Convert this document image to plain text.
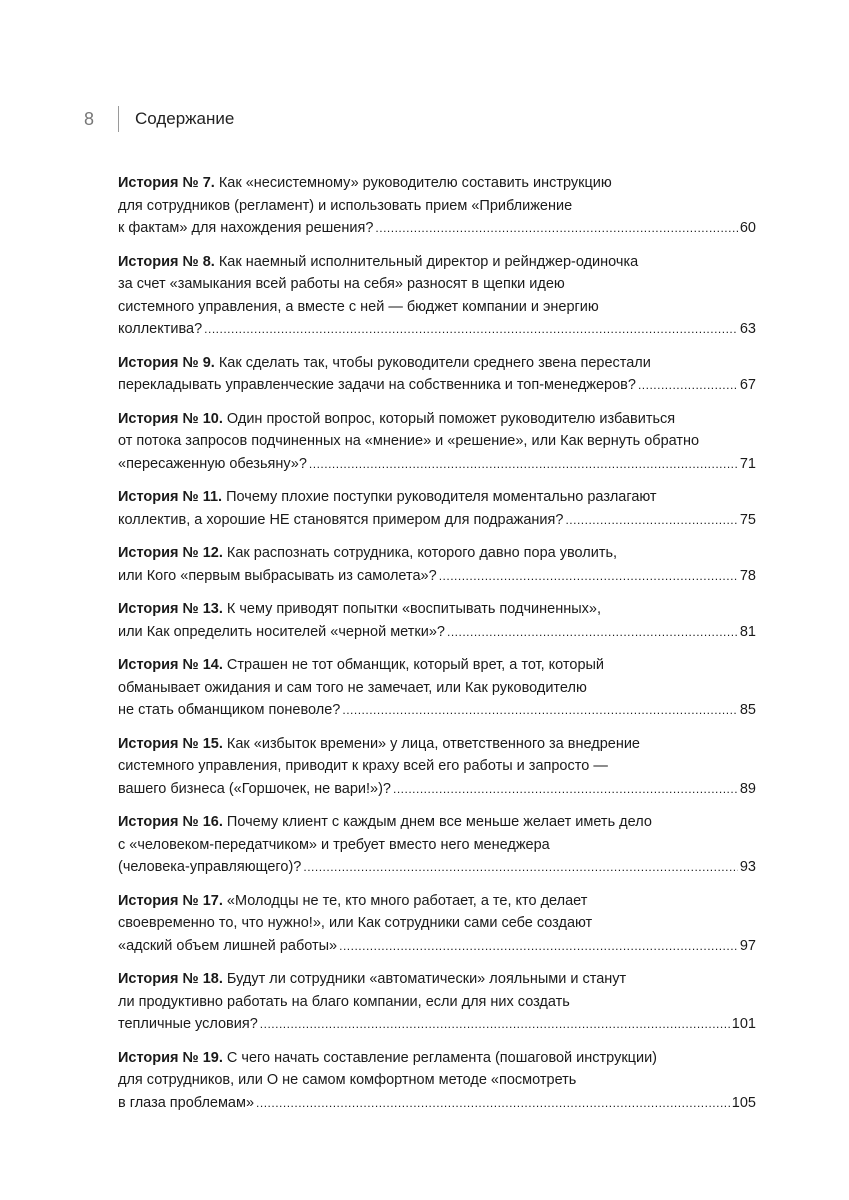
8	Содержание
История № 7. Как «несистемному» руководителю составить инструкцию
для сотрудников (регламент) и использовать прием «Приближение
к фактам» для нахождения решения? .....	60
История № 8. Как наемный исполнительный директор и рейнджер-одиночка
за счет «замыкания всей работы на себя» разносят в щепки идею
системного управления, а вместе с ней — бюджет компании и энергию
коллектива? .....	63
История № 9. Как сделать так, чтобы руководители среднего звена перестали
перекладывать управленческие задачи на собственника и топ-менеджеров? .....	67
История № 10. Один простой вопрос, который поможет руководителю избавиться
от потока запросов подчиненных на «мнение» и «решение», или Как вернуть обратно
«пересаженную обезьяну»? .....	71
История № 11. Почему плохие поступки руководителя моментально разлагают
коллектив, а хорошие НЕ становятся примером для подражания? .....	75
История № 12. Как распознать сотрудника, которого давно пора уволить,
или Кого «первым выбрасывать из самолета»? .....	78
История № 13. К чему приводят попытки «воспитывать подчиненных»,
или Как определить носителей «черной метки»? .....	81
История № 14. Страшен не тот обманщик, который врет, а тот, который
обманывает ожидания и сам того не замечает, или Как руководителю
не стать обманщиком поневоле? .....	85
История № 15. Как «избыток времени» у лица, ответственного за внедрение
системного управления, приводит к краху всей его работы и запросто —
вашего бизнеса («Горшочек, не вари!»)? .....	89
История № 16. Почему клиент с каждым днем все меньше желает иметь дело
с «человеком-передатчиком» и требует вместо него менеджера
(человека-управляющего)? .....	93
История № 17. «Молодцы не те, кто много работает, а те, кто делает
своевременно то, что нужно!», или Как сотрудники сами себе создают
«адский объем лишней работы» .....	97
История № 18. Будут ли сотрудники «автоматически» лояльными и станут
ли продуктивно работать на благо компании, если для них создать
тепличные условия? .....	101
История № 19. С чего начать составление регламента (пошаговой инструкции)
для сотрудников, или О не самом комфортном методе «посмотреть
в глаза проблемам» .....	105
